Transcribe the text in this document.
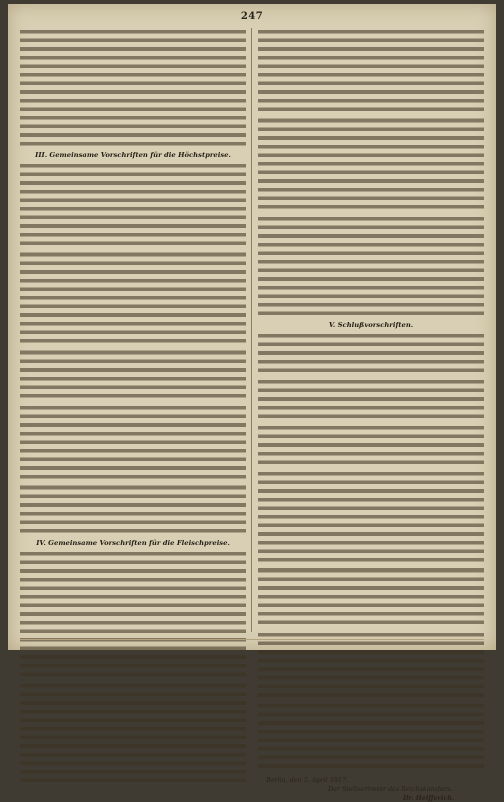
247
III. Gemeinsame Vorschriften für die Höchstpreise.
IV. Gemeinsame Vorschriften für die Fleischpreise.
V. Schlußvorschriften.
Berlin, den 5. April 1917.
Der Stellvertreter des Reichskanzlers.
Dr. Helfferich.
